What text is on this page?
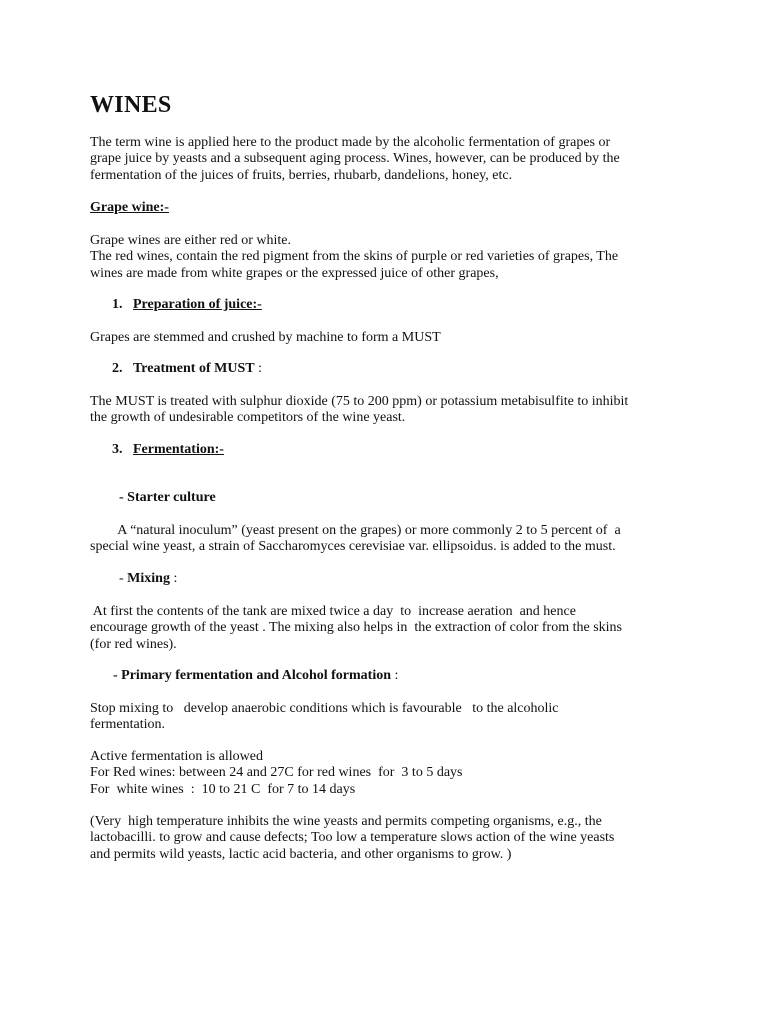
WINES

The term wine is applied here to the product made by the alcoholic fermentation of grapes or
grape juice by yeasts and a subsequent aging process. Wines, however, can be produced by the
fermentation of the juices of fruits, berries, rhubarb, dandelions, honey, etc.

Grape wine:-

Grape wines are either red or white.
The red wines, contain the red pigment from the skins of purple or red varieties of grapes, The
wines are made from white grapes or the expressed juice of other grapes,

1. Preparation of juice:-

Grapes are stemmed and crushed by machine to form a MUST

2. Treatment of MUST :

The MUST is treated with sulphur dioxide (75 to 200 ppm) or potassium metabisulfite to inhibit
the growth of undesirable competitors of the wine yeast.

3. Fermentation:-

- Starter culture

A “natural inoculum” (yeast present on the grapes) or more commonly 2 to 5 percent of  a
special wine yeast, a strain of Saccharomyces cerevisiae var. ellipsoidus. is added to the must.

- Mixing :

At first the contents of the tank are mixed twice a day  to  increase aeration  and hence
encourage growth of the yeast . The mixing also helps in  the extraction of color from the skins
(for red wines).

- Primary fermentation and Alcohol formation :

Stop mixing to   develop anaerobic conditions which is favourable   to the alcoholic
fermentation.

Active fermentation is allowed
For Red wines: between 24 and 27C for red wines  for  3 to 5 days
For  white wines  :  10 to 21 C  for 7 to 14 days

(Very  high temperature inhibits the wine yeasts and permits competing organisms, e.g., the
lactobacilli. to grow and cause defects; Too low a temperature slows action of the wine yeasts
and permits wild yeasts, lactic acid bacteria, and other organisms to grow. )
